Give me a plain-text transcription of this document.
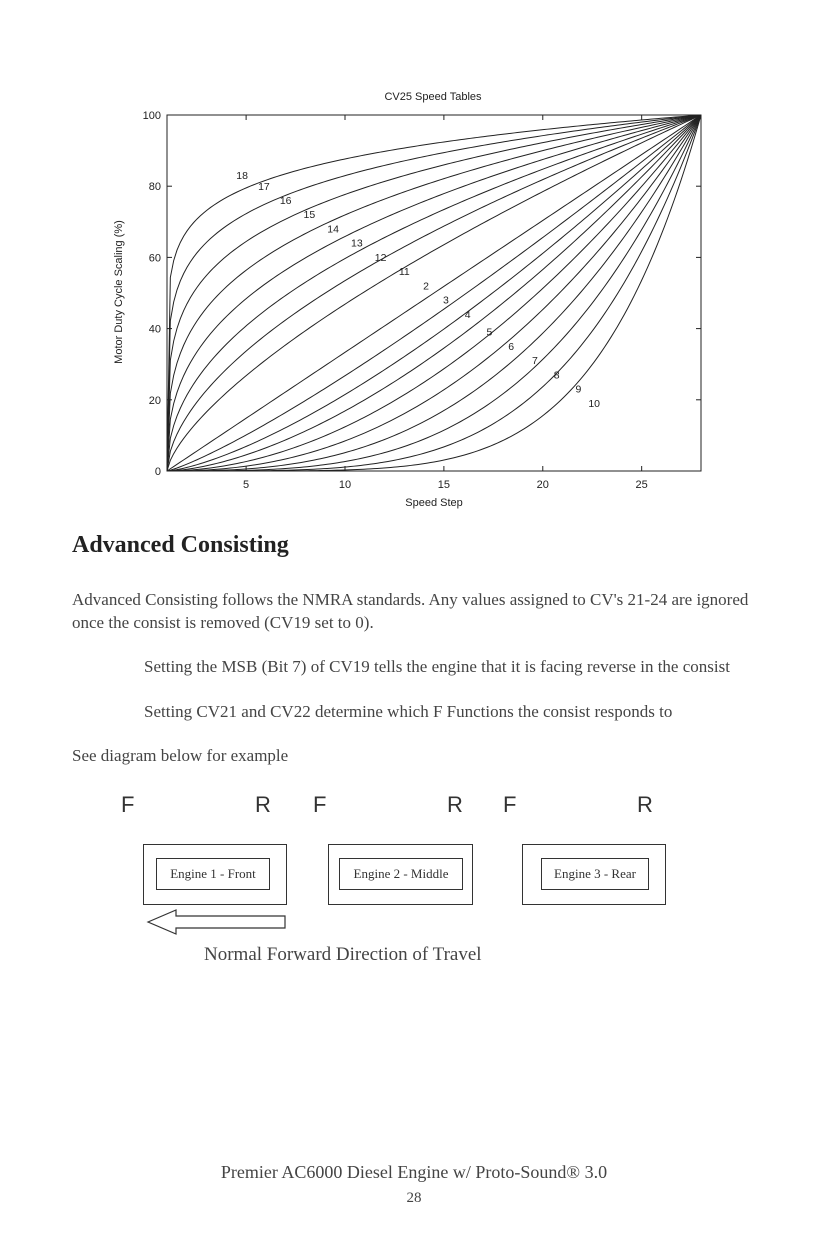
CV25 Speed Tables
5	10	15	20	25
0
20
40
60
80
100
18
17
16
15
14
13
12
11
2
3
4
5
6
7
8
9
10
Speed Step
Motor Duty Cycle Scaling (%)
Advanced Consisting

Advanced Consisting follows the NMRA standards. Any values assigned to CV's 21-24 are ignored once the consist is removed (CV19 set to 0).

Setting the MSB (Bit 7) of CV19 tells the engine that it is facing reverse in the consist

Setting CV21 and CV22 determine which F Functions the consist responds to

See diagram below for example

F	R F	R F	R
Engine 1 - Front	Engine 2 - Middle	Engine 3 - Rear

Normal Forward Direction of Travel

Premier AC6000 Diesel Engine w/ Proto-Sound® 3.0

28
